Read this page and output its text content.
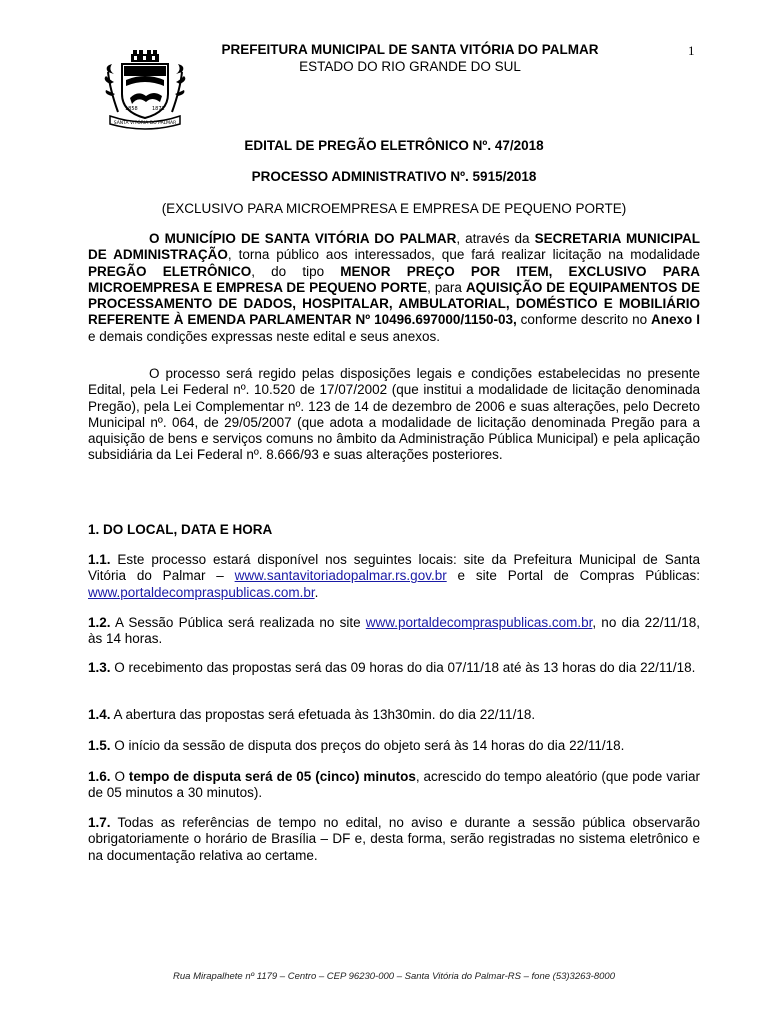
1858	1872
SANTA VITÓRIA DO PALMAR
PREFEITURA MUNICIPAL DE SANTA VITÓRIA DO PALMAR
ESTADO DO RIO GRANDE DO SUL
1
EDITAL DE PREGÃO ELETRÔNICO Nº. 47/2018
PROCESSO ADMINISTRATIVO Nº. 5915/2018
(EXCLUSIVO PARA MICROEMPRESA E EMPRESA DE PEQUENO PORTE)
O MUNICÍPIO DE SANTA VITÓRIA DO PALMAR, através da SECRETARIA MUNICIPAL DE ADMINISTRAÇÃO, torna público aos interessados, que fará realizar licitação na modalidade PREGÃO ELETRÔNICO, do tipo MENOR PREÇO POR ITEM, EXCLUSIVO PARA MICROEMPRESA E EMPRESA DE PEQUENO PORTE, para AQUISIÇÃO DE EQUIPAMENTOS DE PROCESSAMENTO DE DADOS, HOSPITALAR, AMBULATORIAL, DOMÉSTICO E MOBILIÁRIO REFERENTE À EMENDA PARLAMENTAR Nº 10496.697000/1150-03, conforme descrito no Anexo I e demais condições expressas neste edital e seus anexos.
O processo será regido pelas disposições legais e condições estabelecidas no presente Edital, pela Lei Federal nº. 10.520 de 17/07/2002 (que institui a modalidade de licitação denominada Pregão), pela Lei Complementar nº. 123 de 14 de dezembro de 2006 e suas alterações, pelo Decreto Municipal nº. 064, de 29/05/2007 (que adota a modalidade de licitação denominada Pregão para a aquisição de bens e serviços comuns no âmbito da Administração Pública Municipal) e pela aplicação subsidiária da Lei Federal nº. 8.666/93 e suas alterações posteriores.
1. DO LOCAL, DATA E HORA
1.1. Este processo estará disponível nos seguintes locais: site da Prefeitura Municipal de Santa Vitória do Palmar – www.santavitoriadopalmar.rs.gov.br e site Portal de Compras Públicas: www.portaldecompraspublicas.com.br.
1.2. A Sessão Pública será realizada no site www.portaldecompraspublicas.com.br, no dia 22/11/18, às 14 horas.
1.3. O recebimento das propostas será das 09 horas do dia 07/11/18 até às 13 horas do dia 22/11/18.
1.4. A abertura das propostas será efetuada às 13h30min. do dia 22/11/18.
1.5. O início da sessão de disputa dos preços do objeto será às 14 horas do dia 22/11/18.
1.6. O tempo de disputa será de 05 (cinco) minutos, acrescido do tempo aleatório (que pode variar de 05 minutos a 30 minutos).
1.7. Todas as referências de tempo no edital, no aviso e durante a sessão pública observarão obrigatoriamente o horário de Brasília – DF e, desta forma, serão registradas no sistema eletrônico e na documentação relativa ao certame.
Rua Mirapalhete nº 1179 – Centro – CEP 96230-000 – Santa Vitória do Palmar-RS – fone (53)3263-8000
